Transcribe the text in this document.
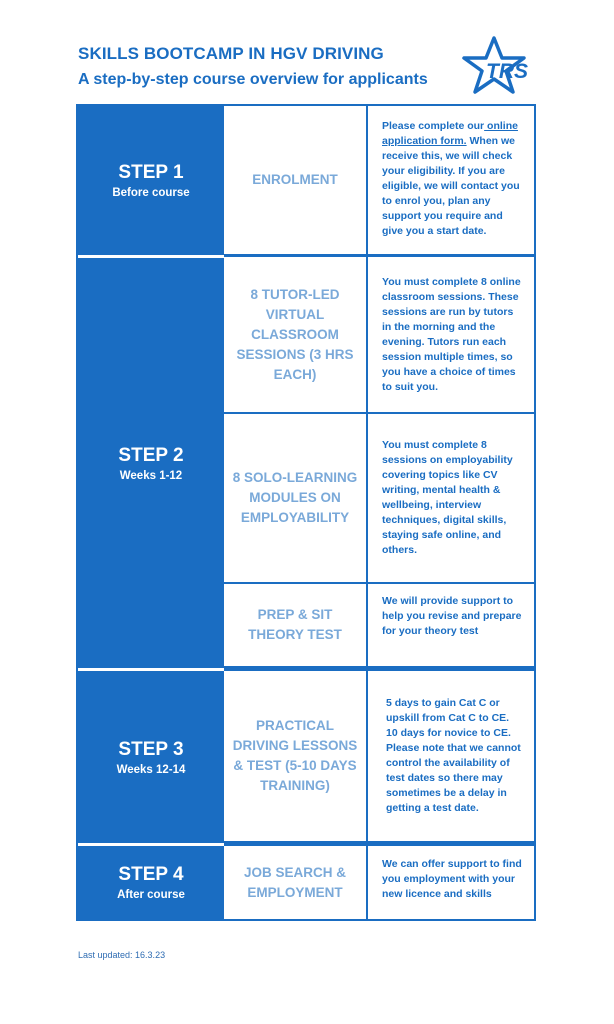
SKILLS BOOTCAMP IN HGV DRIVING
A step-by-step course overview for applicants	TRS
STEP 1
Before course
STEP 2
Weeks 1-12
STEP 3
Weeks 12-14
STEP 4
After course
ENROLMENT
Please complete our online application form. When we receive this, we will check your eligibility. If you are eligible, we will contact you to enrol you, plan any support you require and give you a start date.
8 TUTOR-LED VIRTUAL CLASSROOM SESSIONS (3 HRS EACH)
You must complete 8 online classroom sessions. These sessions are run by tutors in the morning and the evening. Tutors run each session multiple times, so you have a choice of times to suit you.
8 SOLO-LEARNING MODULES ON EMPLOYABILITY
You must complete 8 sessions on employability covering topics like CV writing, mental health & wellbeing, interview techniques, digital skills, staying safe online, and others.
PREP & SIT THEORY TEST
We will provide support to help you revise and prepare for your theory test
PRACTICAL DRIVING LESSONS & TEST (5-10 DAYS TRAINING)
5 days to gain Cat C or upskill from Cat C to CE. 10 days for novice to CE. Please note that we cannot control the availability of test dates so there may sometimes be a delay in getting a test date.
JOB SEARCH & EMPLOYMENT
We can offer support to find you employment with your new licence and skills
Last updated: 16.3.23
